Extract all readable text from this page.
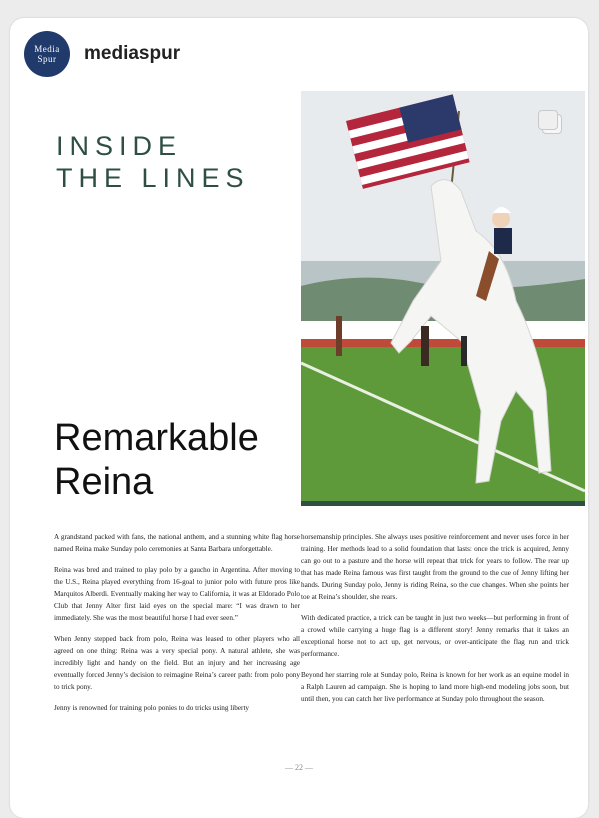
Media
Spur mediaspur
INSIDE
THE LINES
Remarkable
Reina

A grandstand packed with fans, the national anthem, and a stunning white flag horse named Reina make Sunday polo ceremonies at Santa Barbara unforgettable.

Reina was bred and trained to play polo by a gaucho in Argentina. After moving to the U.S., Reina played everything from 16-goal to junior polo with future pros like Marquitos Alberdi. Eventually making her way to California, it was at Eldorado Polo Club that Jenny Alter first laid eyes on the special mare: “I was drawn to her immediately. She was the most beautiful horse I had ever seen.”

When Jenny stepped back from polo, Reina was leased to other players who all agreed on one thing: Reina was a very special pony. A natural athlete, she was incredibly light and handy on the field. But an injury and her increasing age eventually forced Jenny’s decision to reimagine Reina’s career path: from polo pony to trick pony.

Jenny is renowned for training polo ponies to do tricks using liberty

horsemanship principles. She always uses positive reinforcement and never uses force in her training. Her methods lead to a solid foundation that lasts: once the trick is acquired, Jenny can go out to a pasture and the horse will repeat that trick for years to follow. The rear up that has made Reina famous was first taught from the ground to the cue of Jenny lifting her hands. During Sunday polo, Jenny is riding Reina, so the cue changes. When she points her toe at Reina’s shoulder, she rears.

With dedicated practice, a trick can be taught in just two weeks—but performing in front of a crowd while carrying a huge flag is a different story! Jenny remarks that it takes an exceptional horse not to act up, get nervous, or over-anticipate the flag run and trick performance.

Beyond her starring role at Sunday polo, Reina is known for her work as an equine model in a Ralph Lauren ad campaign. She is hoping to land more high-end modeling jobs soon, but until then, you can catch her live performance at Sunday polo throughout the season.

— 22 —
